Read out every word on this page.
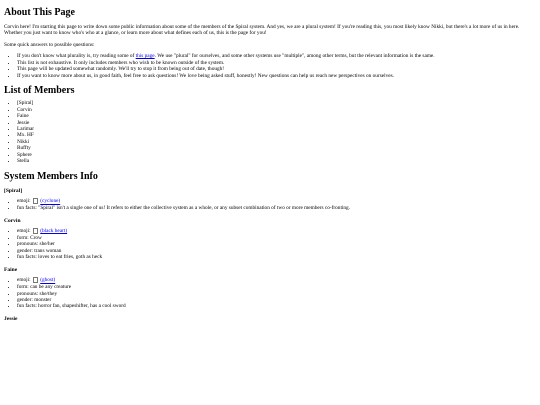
About This Page

Corvin here! I'm starting this page to write down some public information about some of the members of the Spiral system. And yes, we are a plural system! If you're reading this, you most likely know Nikki, but there's a lot more of us in here. Whether you just want to know who's who at a glance, or learn more about what defines each of us, this is the page for you!

Some quick answers to possible questions:

• If you don't know what plurality is, try reading some of this page. We use "plural" for ourselves, and some other systems use "multiple", among other terms, but the relevant information is the same.
• This list is not exhaustive. It only includes members who wish to be known outside of the system.
• This page will be updated somewhat randomly. We'll try to stop it from being out of date, though!
• If you want to know more about us, in good faith, feel free to ask questions! We love being asked stuff, honestly! New questions can help us reach new perspectives on ourselves.
List of Members
• [Spiral]
• Corvin
• Faine
• Jessie
• Larimar
• Mx. HF
• Nikki
• Ruffty
• Sphere
• Stella
System Members Info
[Spiral]
• emoji: (cyclone)
• fun facts: "Spiral" isn't a single one of us! It refers to either the collective system as a whole, or any subset combination of two or more members co-fronting.
Corvin
• emoji: (black heart)
• form: Crow
• pronouns: she/her
• gender: trans woman
• fun facts: loves to eat fries, goth as heck
Faine
• emoji: (ghost)
• form: can be any creature
• pronouns: she/they
• gender: monster
• fun facts: horror fan, shapeshifter, has a cool sword
Jessie
